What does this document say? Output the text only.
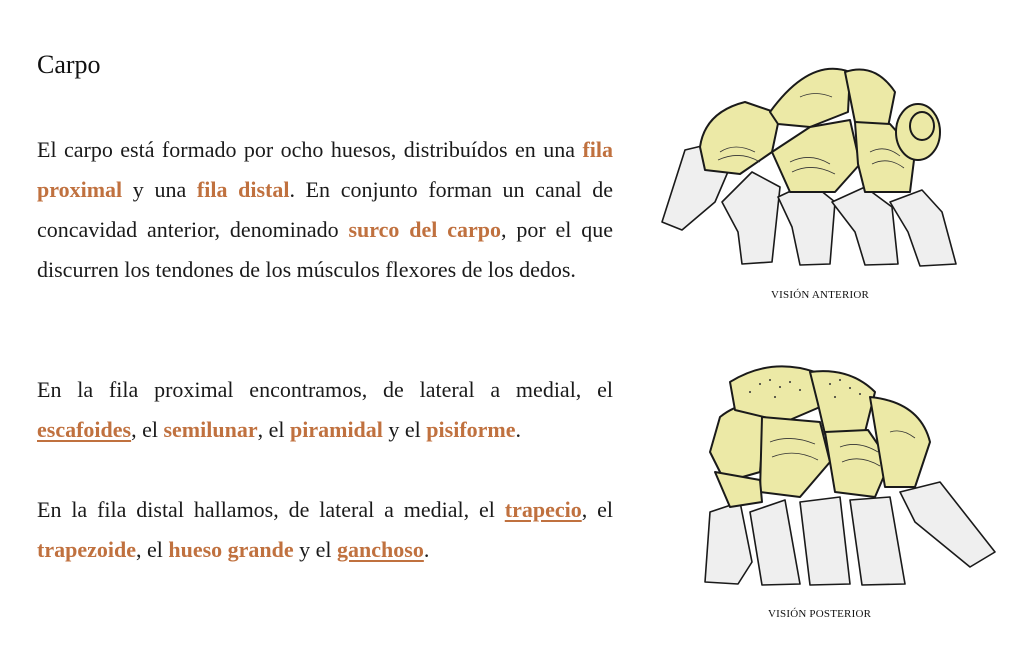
Carpo

El carpo está formado por ocho huesos, distribuídos en una fila proximal y una fila distal. En conjunto forman un canal de concavidad anterior, denominado surco del carpo, por el que discurren los tendones de los músculos flexores de los dedos.

En la fila proximal encontramos, de lateral a medial, el escafoides, el semilunar, el piramidal y el pisiforme.

En la fila distal hallamos, de lateral a medial, el trapecio, el trapezoide, el hueso grande y el ganchoso.

VISIÓN ANTERIOR
VISIÓN POSTERIOR
